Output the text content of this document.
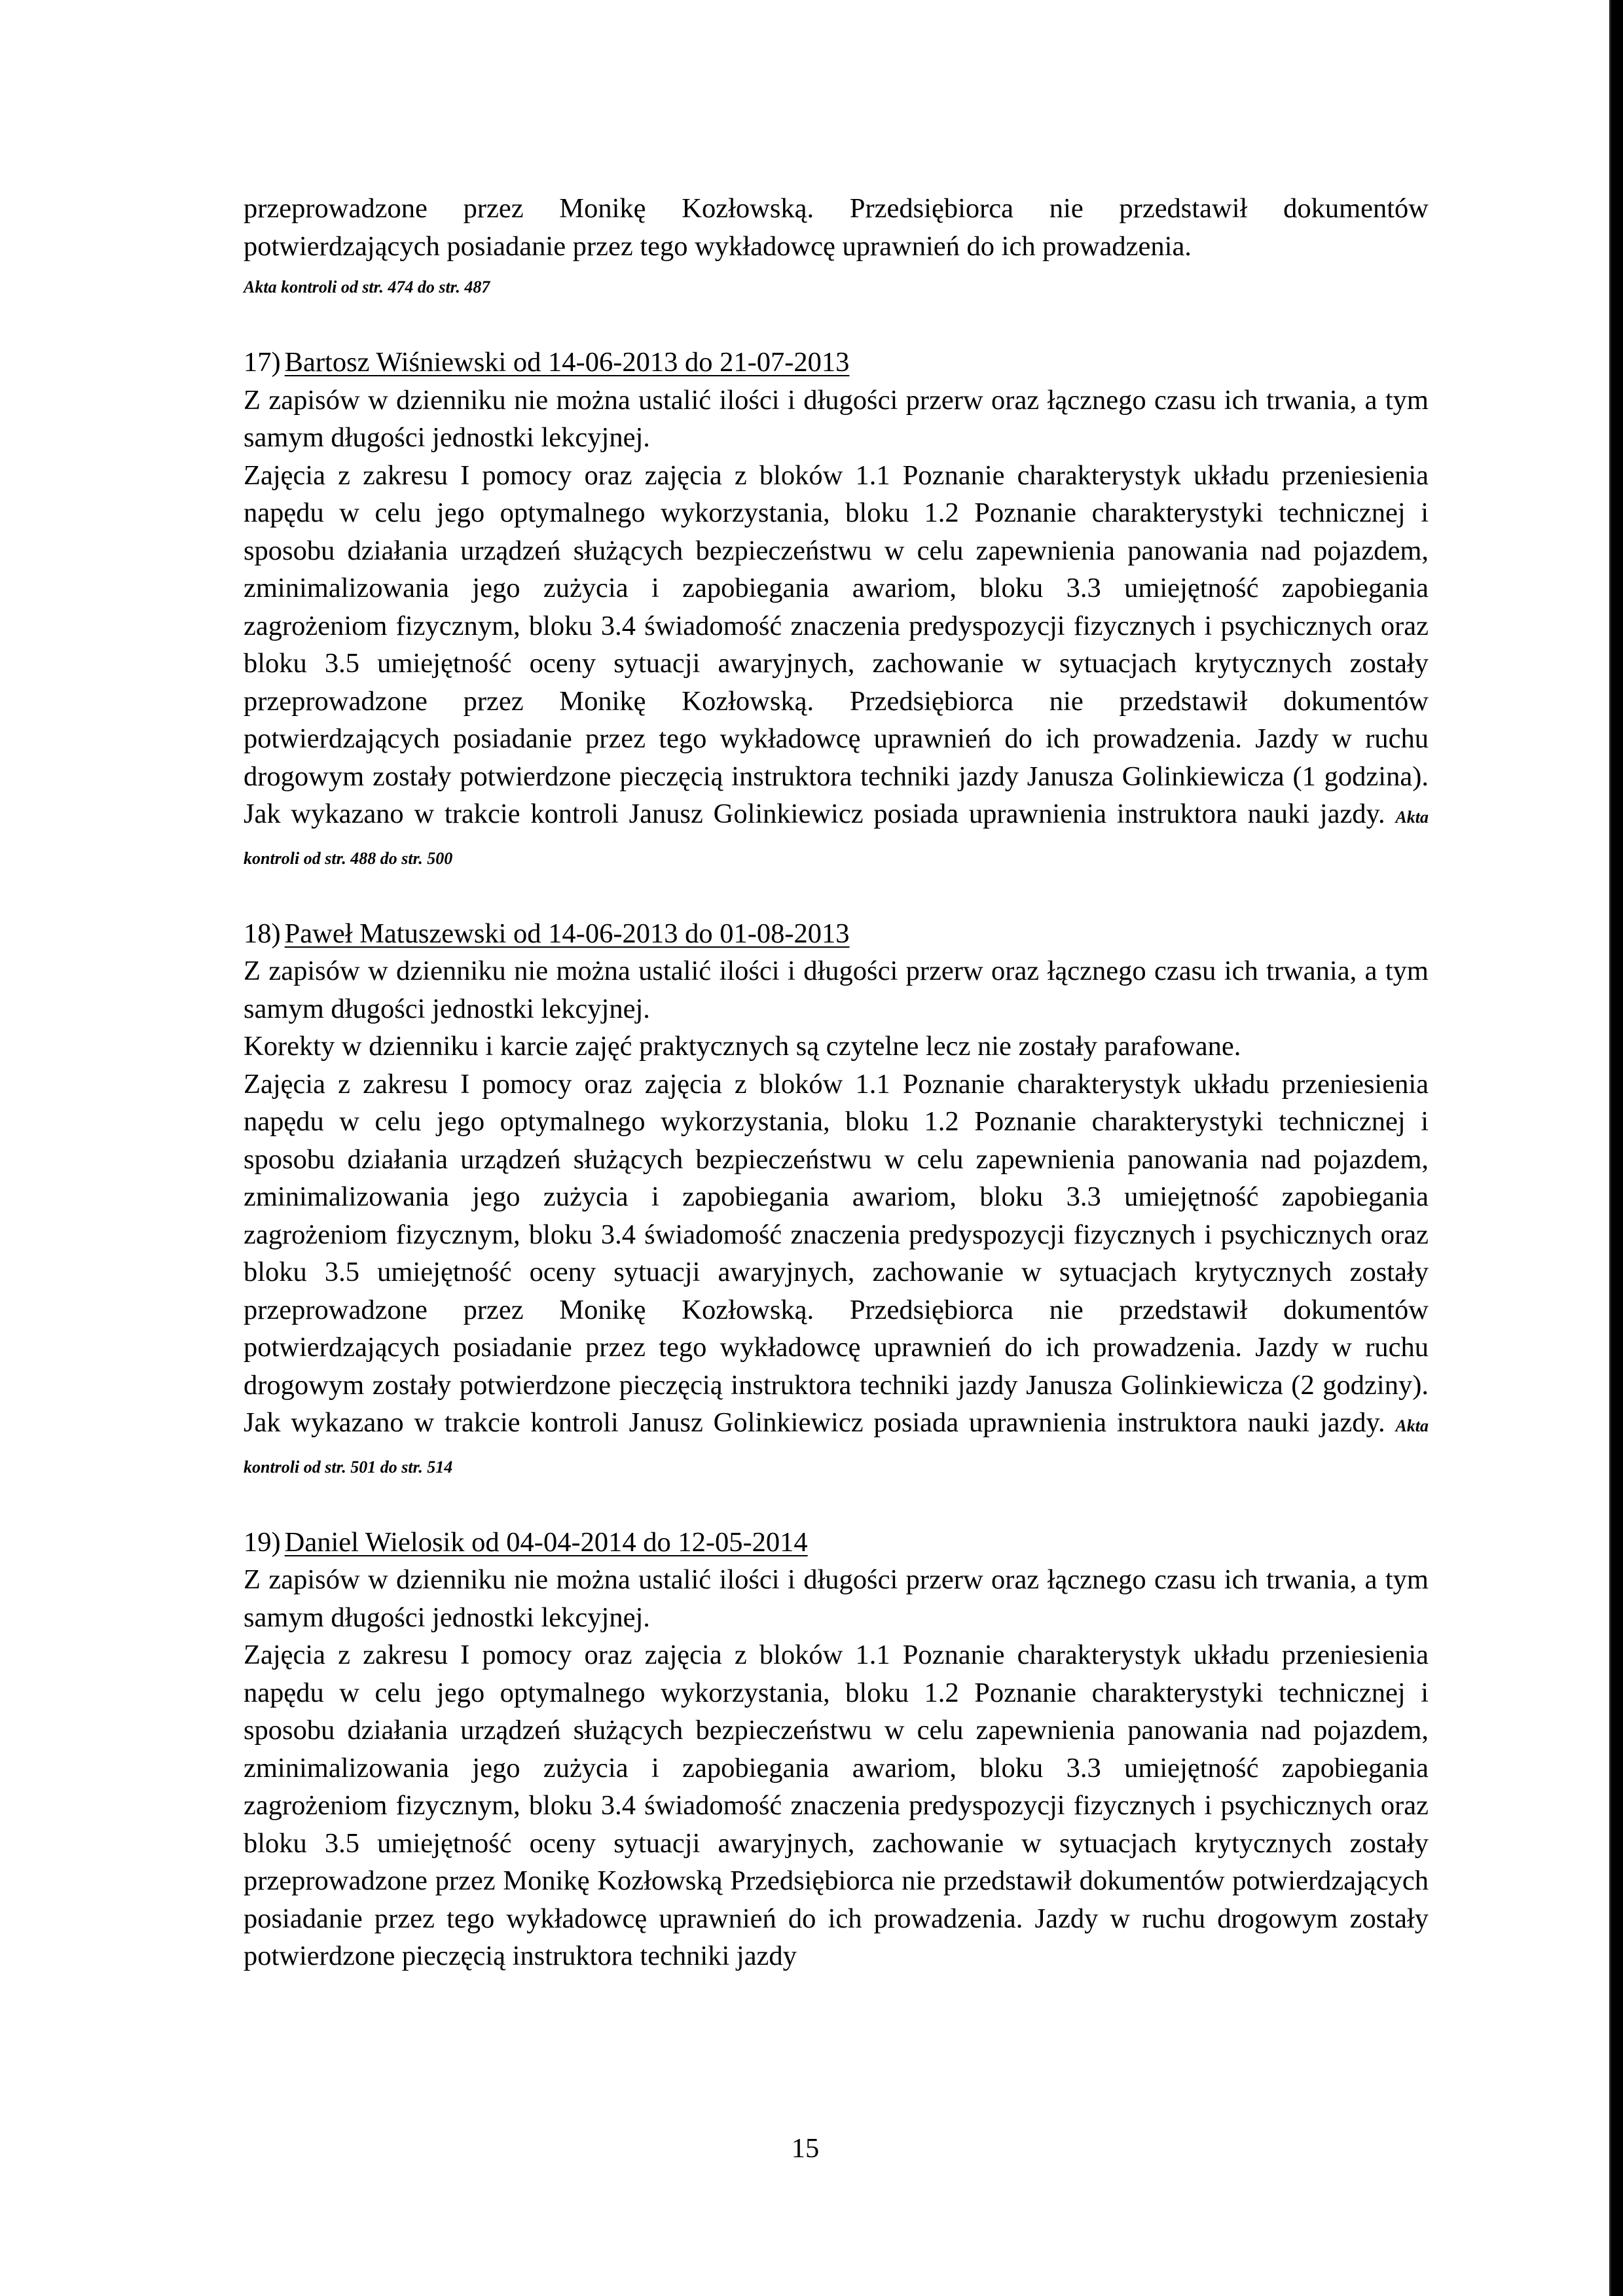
przeprowadzone przez Monikę Kozłowską. Przedsiębiorca nie przedstawił dokumentów potwierdzających posiadanie przez tego wykładowcę uprawnień do ich prowadzenia.
Akta kontroli od str. 474 do str. 487

17) Bartosz Wiśniewski od 14-06-2013 do 21-07-2013

Z zapisów w dzienniku nie można ustalić ilości i długości przerw oraz łącznego czasu ich trwania, a tym samym długości jednostki lekcyjnej.

Zajęcia z zakresu I pomocy oraz zajęcia z bloków 1.1 Poznanie charakterystyk układu przeniesienia napędu w celu jego optymalnego wykorzystania, bloku 1.2 Poznanie charakterystyki technicznej i sposobu działania urządzeń służących bezpieczeństwu w celu zapewnienia panowania nad pojazdem, zminimalizowania jego zużycia i zapobiegania awariom, bloku 3.3 umiejętność zapobiegania zagrożeniom fizycznym, bloku 3.4 świadomość znaczenia predyspozycji fizycznych i psychicznych oraz bloku 3.5 umiejętność oceny sytuacji awaryjnych, zachowanie w sytuacjach krytycznych zostały przeprowadzone przez Monikę Kozłowską. Przedsiębiorca nie przedstawił dokumentów potwierdzających posiadanie przez tego wykładowcę uprawnień do ich prowadzenia. Jazdy w ruchu drogowym zostały potwierdzone pieczęcią instruktora techniki jazdy Janusza Golinkiewicza (1 godzina). Jak wykazano w trakcie kontroli Janusz Golinkiewicz posiada uprawnienia instruktora nauki jazdy. Akta kontroli od str. 488 do str. 500

18) Paweł Matuszewski od 14-06-2013 do 01-08-2013

Z zapisów w dzienniku nie można ustalić ilości i długości przerw oraz łącznego czasu ich trwania, a tym samym długości jednostki lekcyjnej.

Korekty w dzienniku i karcie zajęć praktycznych są czytelne lecz nie zostały parafowane.

Zajęcia z zakresu I pomocy oraz zajęcia z bloków 1.1 Poznanie charakterystyk układu przeniesienia napędu w celu jego optymalnego wykorzystania, bloku 1.2 Poznanie charakterystyki technicznej i sposobu działania urządzeń służących bezpieczeństwu w celu zapewnienia panowania nad pojazdem, zminimalizowania jego zużycia i zapobiegania awariom, bloku 3.3 umiejętność zapobiegania zagrożeniom fizycznym, bloku 3.4 świadomość znaczenia predyspozycji fizycznych i psychicznych oraz bloku 3.5 umiejętność oceny sytuacji awaryjnych, zachowanie w sytuacjach krytycznych zostały przeprowadzone przez Monikę Kozłowską. Przedsiębiorca nie przedstawił dokumentów potwierdzających posiadanie przez tego wykładowcę uprawnień do ich prowadzenia. Jazdy w ruchu drogowym zostały potwierdzone pieczęcią instruktora techniki jazdy Janusza Golinkiewicza (2 godziny). Jak wykazano w trakcie kontroli Janusz Golinkiewicz posiada uprawnienia instruktora nauki jazdy. Akta kontroli od str. 501 do str. 514

19) Daniel Wielosik od 04-04-2014 do 12-05-2014

Z zapisów w dzienniku nie można ustalić ilości i długości przerw oraz łącznego czasu ich trwania, a tym samym długości jednostki lekcyjnej.

Zajęcia z zakresu I pomocy oraz zajęcia z bloków 1.1 Poznanie charakterystyk układu przeniesienia napędu w celu jego optymalnego wykorzystania, bloku 1.2 Poznanie charakterystyki technicznej i sposobu działania urządzeń służących bezpieczeństwu w celu zapewnienia panowania nad pojazdem, zminimalizowania jego zużycia i zapobiegania awariom, bloku 3.3 umiejętność zapobiegania zagrożeniom fizycznym, bloku 3.4 świadomość znaczenia predyspozycji fizycznych i psychicznych oraz bloku 3.5 umiejętność oceny sytuacji awaryjnych, zachowanie w sytuacjach krytycznych zostały przeprowadzone przez Monikę Kozłowską Przedsiębiorca nie przedstawił dokumentów potwierdzających posiadanie przez tego wykładowcę uprawnień do ich prowadzenia. Jazdy w ruchu drogowym zostały potwierdzone pieczęcią instruktora techniki jazdy

15
